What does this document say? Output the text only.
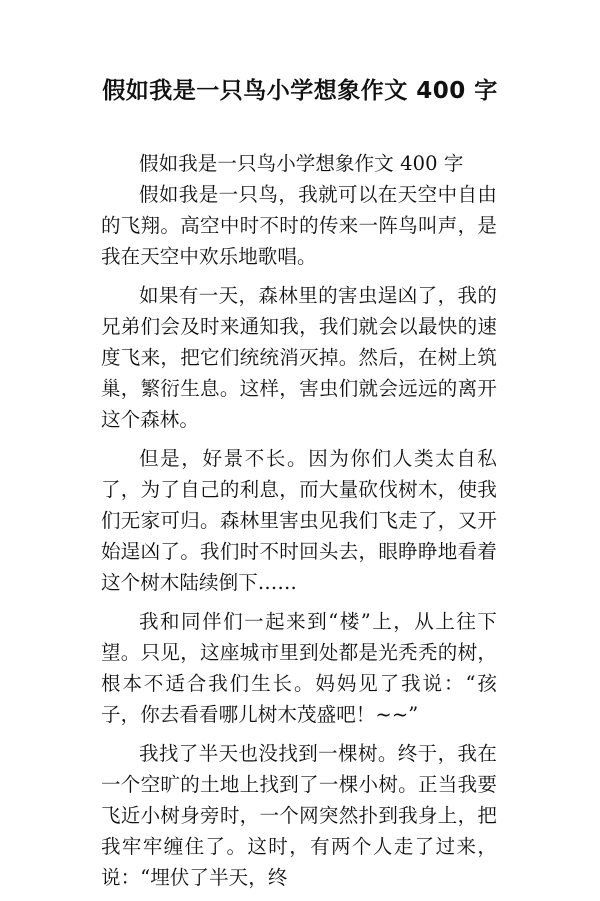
假如我是一只鸟小学想象作文 400 字

假如我是一只鸟小学想象作文 400 字

假如我是一只鸟，我就可以在天空中自由的飞翔。高空中时不时的传来一阵鸟叫声，是我在天空中欢乐地歌唱。

如果有一天，森林里的害虫逞凶了，我的兄弟们会及时来通知我，我们就会以最快的速度飞来，把它们统统消灭掉。然后，在树上筑巢，繁衍生息。这样，害虫们就会远远的离开这个森林。

但是，好景不长。因为你们人类太自私了，为了自己的利息，而大量砍伐树木，使我们无家可归。森林里害虫见我们飞走了，又开始逞凶了。我们时不时回头去，眼睁睁地看着这个树木陆续倒下……

我和同伴们一起来到“楼”上，从上往下望。只见，这座城市里到处都是光秃秃的树，根本不适合我们生长。妈妈见了我说：“孩子，你去看看哪儿树木茂盛吧！~~”

我找了半天也没找到一棵树。终于，我在一个空旷的土地上找到了一棵小树。正当我要飞近小树身旁时，一个网突然扑到我身上，把我牢牢缠住了。这时，有两个人走了过来，说：“埋伏了半天，终
